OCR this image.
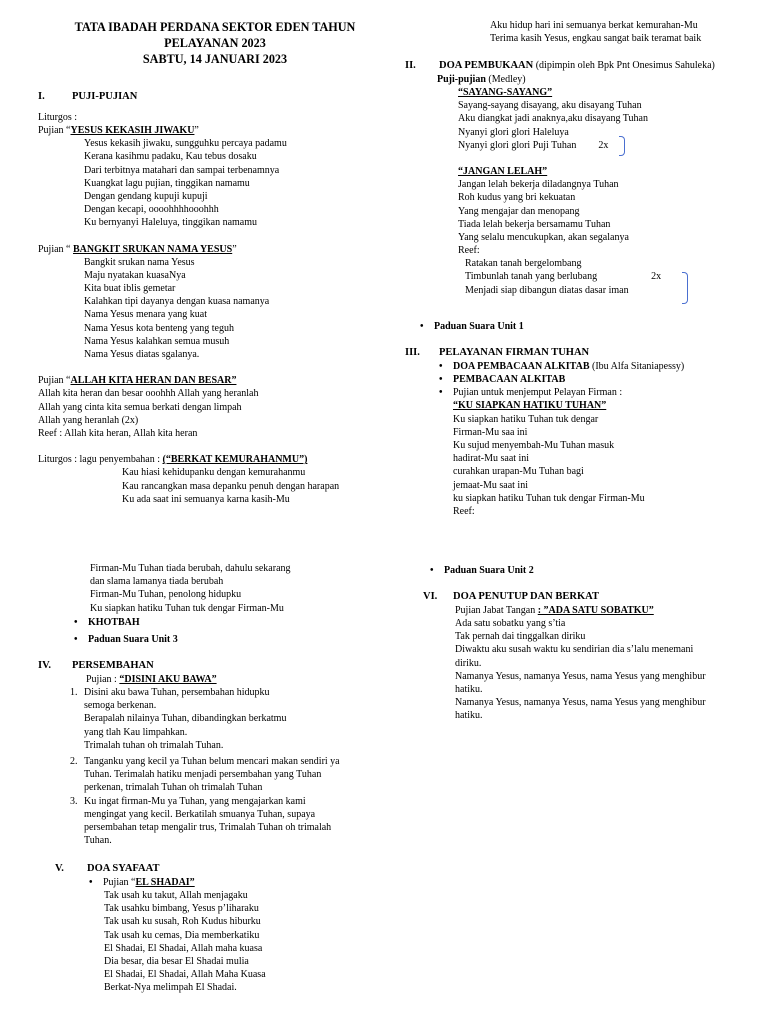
TATA IBADAH PERDANA SEKTOR EDEN TAHUN
PELAYANAN 2023
SABTU, 14 JANUARI 2023
I.	PUJI-PUJIAN
Liturgos :
Pujian “YESUS KEKASIH JIWAKU”
Yesus kekasih jiwaku, sungguhku percaya padamu
Kerana kasihmu padaku, Kau tebus dosaku
Dari terbitnya matahari dan sampai terbenamnya
Kuangkat lagu pujian, tinggikan namamu
Dengan gendang kupuji kupuji
Dengan kecapi, oooohhhhooohhh
Ku bernyanyi Haleluya, tinggikan namamu
Pujian “ BANGKIT SRUKAN NAMA YESUS”
Bangkit srukan nama Yesus
Maju nyatakan kuasaNya
Kita buat iblis gemetar
Kalahkan tipi dayanya dengan kuasa namanya
Nama Yesus menara yang kuat
Nama Yesus kota benteng yang teguh
Nama Yesus kalahkan semua musuh
Nama Yesus diatas sgalanya.
Pujian “ALLAH KITA HERAN DAN BESAR”
Allah kita heran dan besar ooohhh Allah yang heranlah
Allah yang cinta kita semua berkati dengan limpah
Allah yang heranlah (2x)
Reef : Allah kita heran, Allah kita heran
Liturgos : lagu penyembahan : (“BERKAT KEMURAHANMU”)
Kau hiasi kehidupanku dengan kemurahanmu
Kau rancangkan masa depanku penuh dengan harapan
Ku ada saat ini semuanya karna kasih-Mu
Firman-Mu Tuhan tiada berubah, dahulu sekarang
dan slama lamanya tiada berubah
Firman-Mu Tuhan, penolong hidupku
Ku siapkan hatiku Tuhan tuk dengar Firman-Mu
• KHOTBAH
• Paduan Suara Unit 3
IV. PERSEMBAHAN
Pujian : “DISINI AKU BAWA”
1. Disini aku bawa Tuhan, persembahan hidupku
semoga berkenan.
Berapalah nilainya Tuhan, dibandingkan berkatmu
yang tlah Kau limpahkan.
Trimalah tuhan oh trimalah Tuhan.
2. Tanganku yang kecil ya Tuhan belum mencari makan sendiri ya
Tuhan. Terimalah hatiku menjadi persembahan yang Tuhan
perkenan, trimalah Tuhan oh trimalah Tuhan
3. Ku ingat firman-Mu ya Tuhan, yang mengajarkan kami
mengingat yang kecil. Berkatilah smuanya Tuhan, supaya
persembahan tetap mengalir trus, Trimalah Tuhan oh trimalah
Tuhan.
V. DOA SYAFAAT
• Pujian “EL SHADAI”
Tak usah ku takut, Allah menjagaku
Tak usahku bimbang, Yesus p’liharaku
Tak usah ku susah, Roh Kudus hiburku
Tak usah ku cemas, Dia memberkatiku
El Shadai, El Shadai, Allah maha kuasa
Dia besar, dia besar El Shadai mulia
El Shadai, El Shadai, Allah Maha Kuasa
Berkat-Nya melimpah El Shadai.
Aku hidup hari ini semuanya berkat kemurahan-Mu
Terima kasih Yesus, engkau sangat baik teramat baik
II. DOA PEMBUKAAN (dipimpin oleh Bpk Pnt Onesimus Sahuleka)
Puji-pujian (Medley)
“SAYANG-SAYANG”
Sayang-sayang disayang, aku disayang Tuhan
Aku diangkat jadi anaknya,aku disayang Tuhan
Nyanyi glori glori Haleluya
Nyanyi glori glori Puji Tuhan 2x
“JANGAN LELAH”
Jangan lelah bekerja diladangnya Tuhan
Roh kudus yang bri kekuatan
Yang mengajar dan menopang
Tiada lelah bekerja bersamamu Tuhan
Yang selalu mencukupkan, akan segalanya
Reef:
Ratakan tanah bergelombang
Timbunlah tanah yang berlubang	2x
Menjadi siap dibangun diatas dasar iman
• Paduan Suara Unit 1
III. PELAYANAN FIRMAN TUHAN
• DOA PEMBACAAN ALKITAB (Ibu Alfa Sitaniapessy)
• PEMBACAAN ALKITAB
• Pujian untuk menjemput Pelayan Firman :
“KU SIAPKAN HATIKU TUHAN”
Ku siapkan hatiku Tuhan tuk dengar
Firman-Mu saa ini
Ku sujud menyembah-Mu Tuhan masuk
hadirat-Mu saat ini
curahkan urapan-Mu Tuhan bagi
jemaat-Mu saat ini
ku siapkan hatiku Tuhan tuk dengar Firman-Mu
Reef:
• Paduan Suara Unit 2
VI. DOA PENUTUP DAN BERKAT
Pujian Jabat Tangan : ”ADA SATU SOBATKU”
Ada satu sobatku yang s’tia
Tak pernah dai tinggalkan diriku
Diwaktu aku susah waktu ku sendirian dia s’lalu menemani
diriku.
Namanya Yesus, namanya Yesus, nama Yesus yang menghibur
hatiku.
Namanya Yesus, namanya Yesus, nama Yesus yang menghibur
hatiku.
